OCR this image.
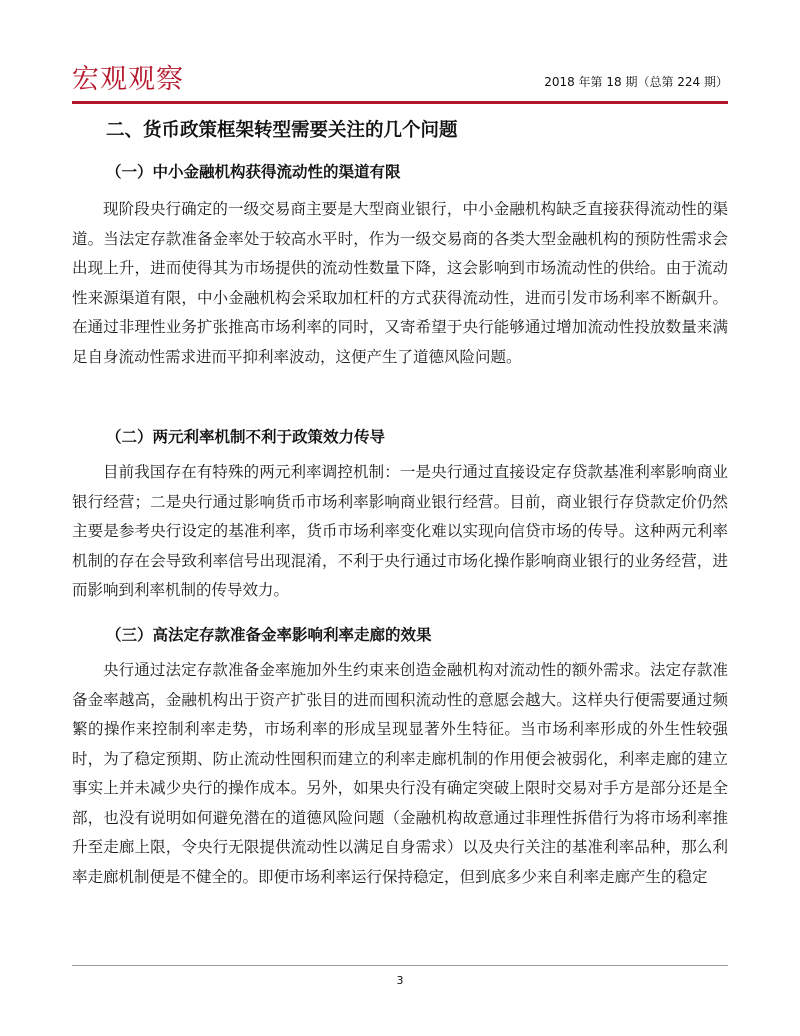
宏观观察	2018 年第 18 期（总第 224 期）
二、货币政策框架转型需要关注的几个问题
（一）中小金融机构获得流动性的渠道有限

现阶段央行确定的一级交易商主要是大型商业银行，中小金融机构缺乏直接获得流动性的渠道。当法定存款准备金率处于较高水平时，作为一级交易商的各类大型金融机构的预防性需求会出现上升，进而使得其为市场提供的流动性数量下降，这会影响到市场流动性的供给。由于流动性来源渠道有限，中小金融机构会采取加杠杆的方式获得流动性，进而引发市场利率不断飙升。在通过非理性业务扩张推高市场利率的同时，又寄希望于央行能够通过增加流动性投放数量来满足自身流动性需求进而平抑利率波动，这便产生了道德风险问题。

（二）两元利率机制不利于政策效力传导

目前我国存在有特殊的两元利率调控机制：一是央行通过直接设定存贷款基准利率影响商业银行经营；二是央行通过影响货币市场利率影响商业银行经营。目前，商业银行存贷款定价仍然主要是参考央行设定的基准利率，货币市场利率变化难以实现向信贷市场的传导。这种两元利率机制的存在会导致利率信号出现混淆，不利于央行通过市场化操作影响商业银行的业务经营，进而影响到利率机制的传导效力。

（三）高法定存款准备金率影响利率走廊的效果

央行通过法定存款准备金率施加外生约束来创造金融机构对流动性的额外需求。法定存款准备金率越高，金融机构出于资产扩张目的进而囤积流动性的意愿会越大。这样央行便需要通过频繁的操作来控制利率走势，市场利率的形成呈现显著外生特征。当市场利率形成的外生性较强时，为了稳定预期、防止流动性囤积而建立的利率走廊机制的作用便会被弱化，利率走廊的建立事实上并未减少央行的操作成本。另外，如果央行没有确定突破上限时交易对手方是部分还是全部，也没有说明如何避免潜在的道德风险问题（金融机构故意通过非理性拆借行为将市场利率推升至走廊上限，令央行无限提供流动性以满足自身需求）以及央行关注的基准利率品种，那么利率走廊机制便是不健全的。即便市场利率运行保持稳定，但到底多少来自利率走廊产生的稳定

3
